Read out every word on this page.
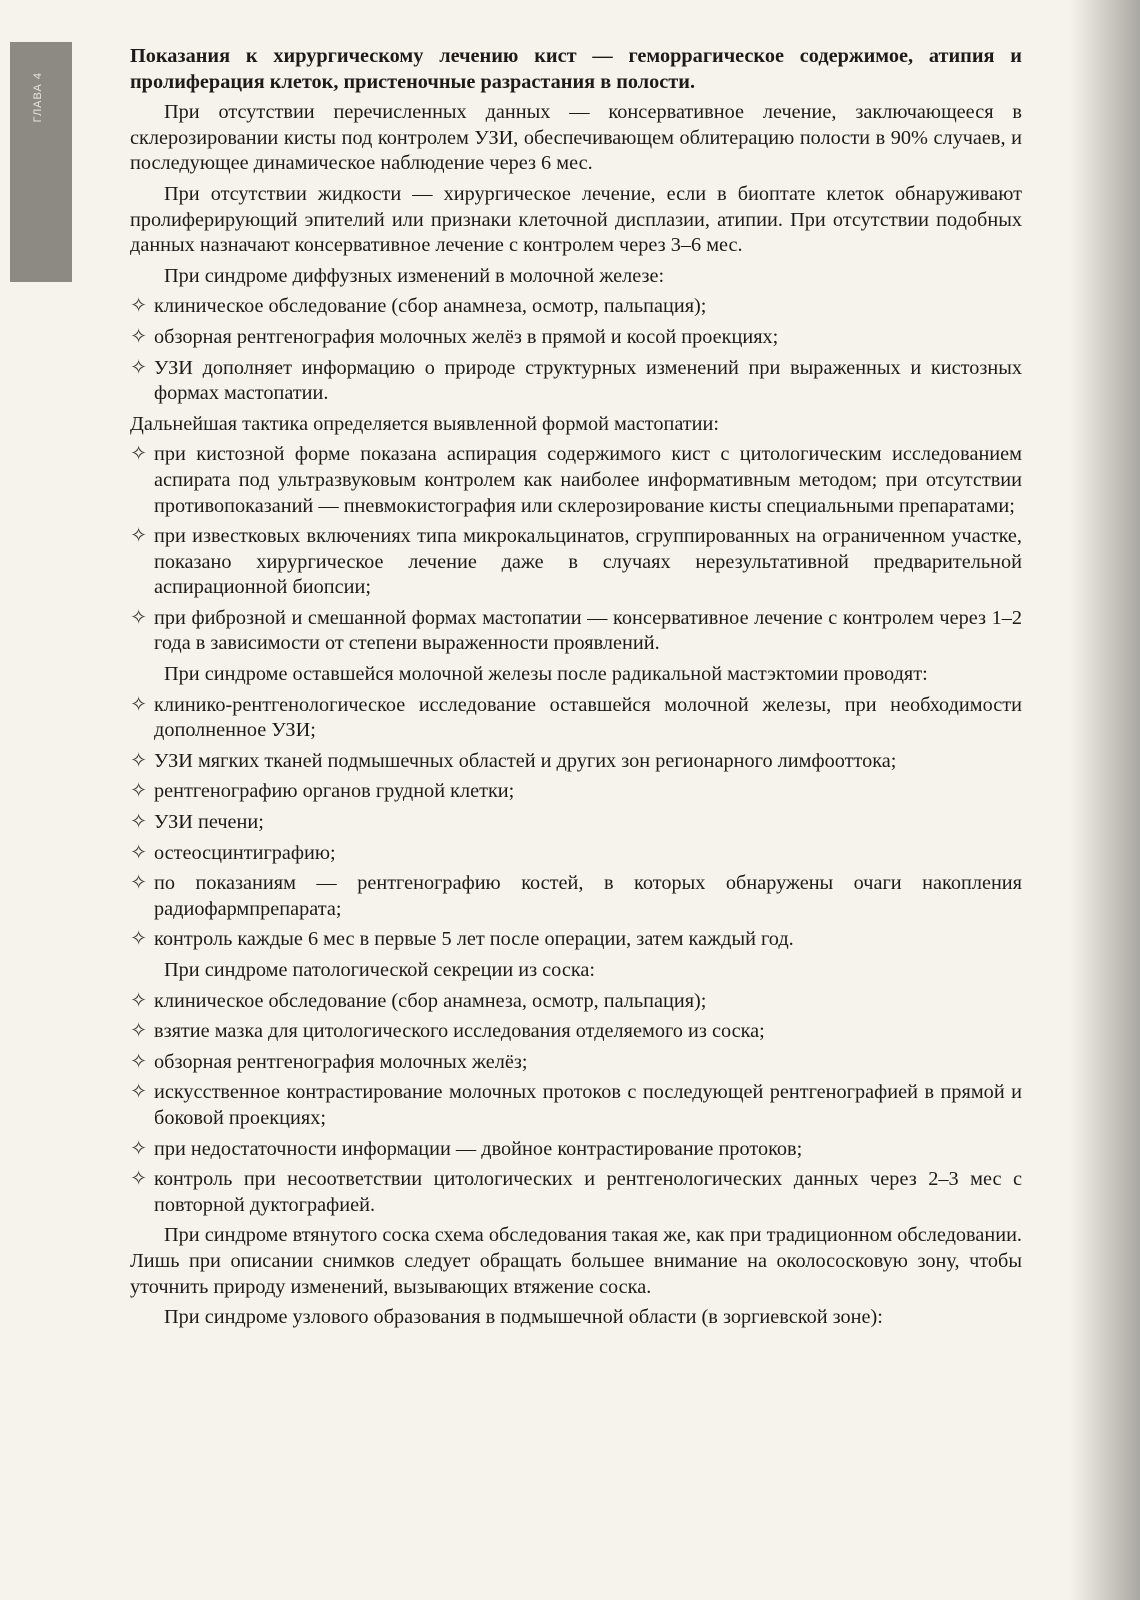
ГЛАВА 4

Показания к хирургическому лечению кист — геморрагическое содержимое, атипия и пролиферация клеток, пристеночные разрастания в полости.

При отсутствии перечисленных данных — консервативное лечение, заключающееся в склерозировании кисты под контролем УЗИ, обеспечивающем облитерацию полости в 90% случаев, и последующее динамическое наблюдение через 6 мес.

При отсутствии жидкости — хирургическое лечение, если в биоптате клеток обнаруживают пролиферирующий эпителий или признаки клеточной дисплазии, атипии. При отсутствии подобных данных назначают консервативное лечение с контролем через 3–6 мес.

При синдроме диффузных изменений в молочной железе:

✧ клиническое обследование (сбор анамнеза, осмотр, пальпация);

✧ обзорная рентгенография молочных желёз в прямой и косой проекциях;

✧ УЗИ дополняет информацию о природе структурных изменений при выраженных и кистозных формах мастопатии.

Дальнейшая тактика определяется выявленной формой мастопатии:

✧ при кистозной форме показана аспирация содержимого кист с цитологическим исследованием аспирата под ультразвуковым контролем как наиболее информативным методом; при отсутствии противопоказаний — пневмокистография или склерозирование кисты специальными препаратами;

✧ при известковых включениях типа микрокальцинатов, сгруппированных на ограниченном участке, показано хирургическое лечение даже в случаях нерезультативной предварительной аспирационной биопсии;

✧ при фиброзной и смешанной формах мастопатии — консервативное лечение с контролем через 1–2 года в зависимости от степени выраженности проявлений.

При синдроме оставшейся молочной железы после радикальной мастэктомии проводят:

✧ клинико-рентгенологическое исследование оставшейся молочной железы, при необходимости дополненное УЗИ;

✧ УЗИ мягких тканей подмышечных областей и других зон регионарного лимфооттока;

✧ рентгенографию органов грудной клетки;

✧ УЗИ печени;

✧ остеосцинтиграфию;

✧ по показаниям — рентгенографию костей, в которых обнаружены очаги накопления радиофармпрепарата;

✧ контроль каждые 6 мес в первые 5 лет после операции, затем каждый год.

При синдроме патологической секреции из соска:

✧ клиническое обследование (сбор анамнеза, осмотр, пальпация);

✧ взятие мазка для цитологического исследования отделяемого из соска;

✧ обзорная рентгенография молочных желёз;

✧ искусственное контрастирование молочных протоков с последующей рентгенографией в прямой и боковой проекциях;

✧ при недостаточности информации — двойное контрастирование протоков;

✧ контроль при несоответствии цитологических и рентгенологических данных через 2–3 мес с повторной дуктографией.

При синдроме втянутого соска схема обследования такая же, как при традиционном обследовании. Лишь при описании снимков следует обращать большее внимание на околососковую зону, чтобы уточнить природу изменений, вызывающих втяжение соска.

При синдроме узлового образования в подмышечной области (в зоргиевской зоне):
